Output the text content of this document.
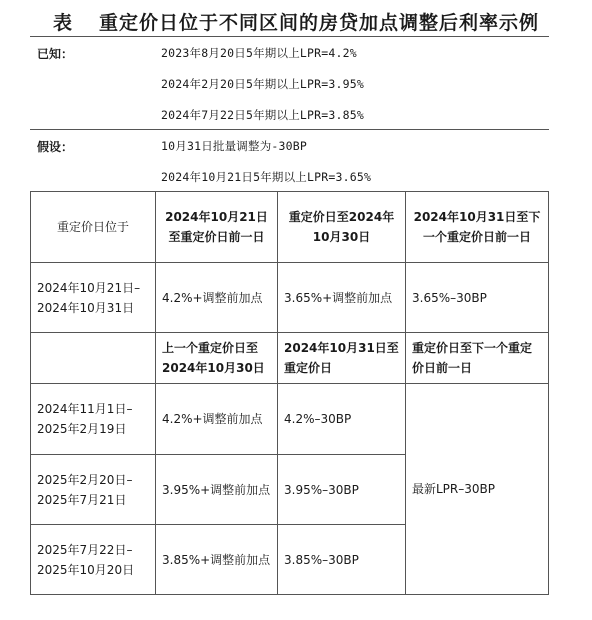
表 重定价日位于不同区间的房贷加点调整后利率示例
已知：	2023年8月20日5年期以上LPR=4.2%
2024年2月20日5年期以上LPR=3.95%
2024年7月22日5年期以上LPR=3.85%
假设：	10月31日批量调整为-30BP
2024年10月21日5年期以上LPR=3.65%
重定价日位于	2024年10月21日至重定价日前一日	重定价日至2024年10月30日	2024年10月31日至下一个重定价日前一日
2024年10月21日–2024年10月31日	4.2%+调整前加点	3.65%+调整前加点	3.65%–30BP
	上一个重定价日至2024年10月30日	2024年10月31日至重定价日	重定价日至下一个重定价日前一日
2024年11月1日–2025年2月19日	4.2%+调整前加点	4.2%–30BP	最新LPR–30BP
2025年2月20日–2025年7月21日	3.95%+调整前加点	3.95%–30BP	
2025年7月22日–2025年10月20日	3.85%+调整前加点	3.85%–30BP	
